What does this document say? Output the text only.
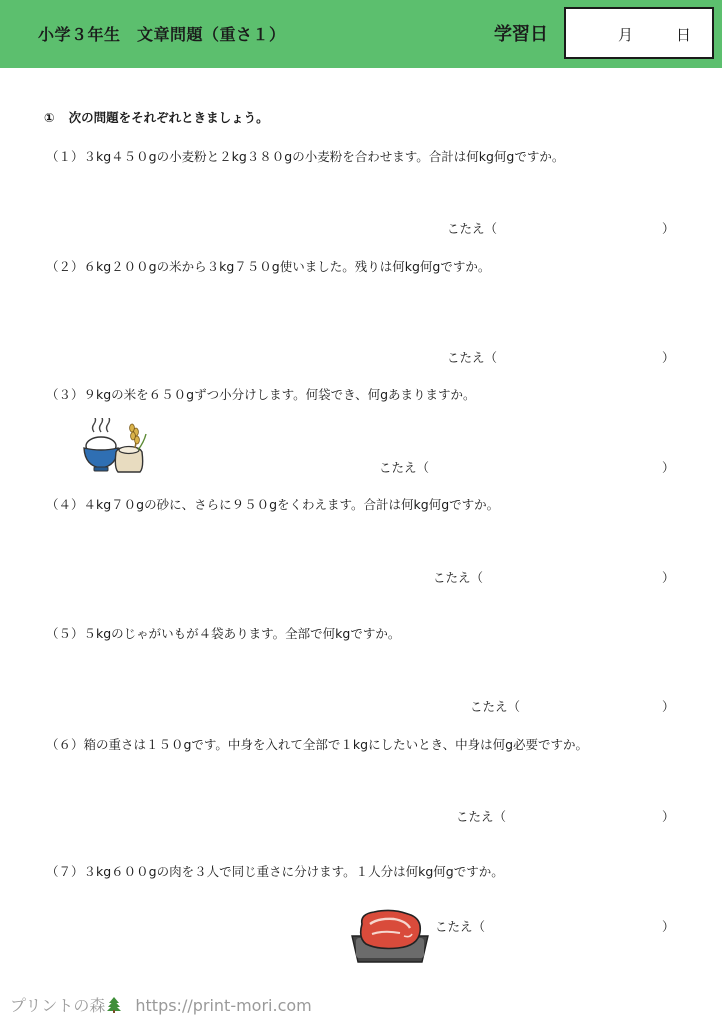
小学３年生　文章問題（重さ１）	学習日	月	日
① 次の問題をそれぞれときましょう。
（１）３kg４５０gの小麦粉と２kg３８０gの小麦粉を合わせます。合計は何kg何gですか。
こたえ（	）
（２）６kg２００gの米から３kg７５０g使いました。残りは何kg何gですか。
こたえ（	）
（３）９kgの米を６５０gずつ小分けします。何袋でき、何gあまりますか。
こたえ（	）
（４）４kg７０gの砂に、さらに９５０gをくわえます。合計は何kg何gですか。
こたえ（	）
（５）５kgのじゃがいもが４袋あります。全部で何kgですか。
こたえ（	）
（６）箱の重さは１５０gです。中身を入れて全部で１kgにしたいとき、中身は何g必要ですか。
こたえ（	）
（７）３kg６００gの肉を３人で同じ重さに分けます。１人分は何kg何gですか。
こたえ（	）
プリントの森 https://print-mori.com
